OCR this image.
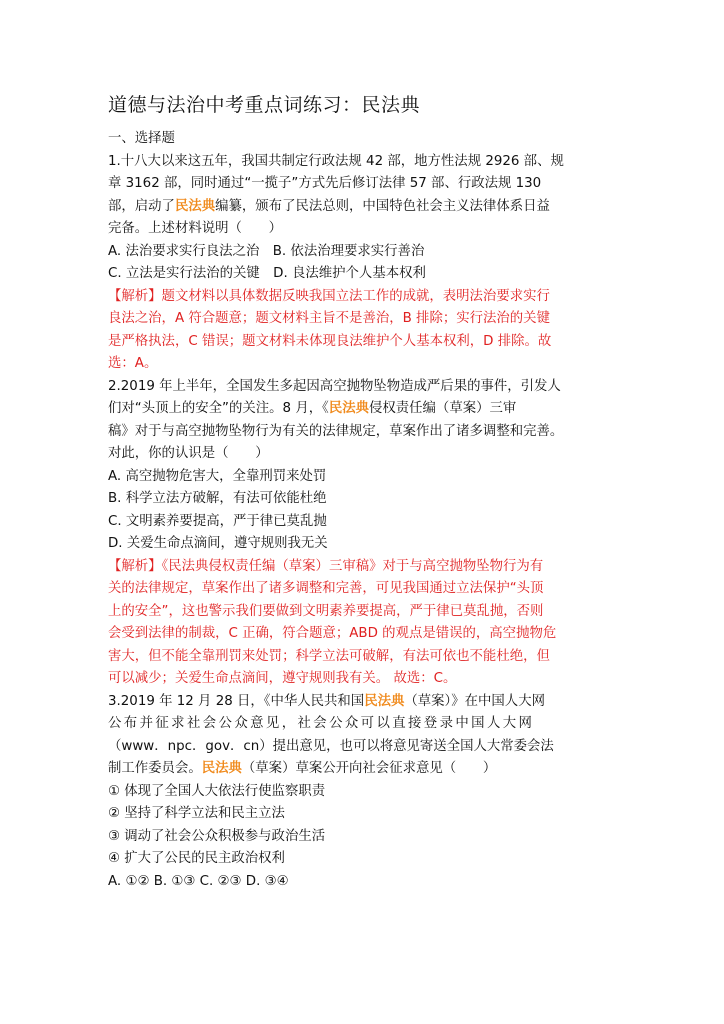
道德与法治中考重点词练习：民法典
一、选择题
1.十八大以来这五年，我国共制定行政法规 42 部，地方性法规 2926 部、规
章 3162 部，同时通过“一揽子”方式先后修订法律 57 部、行政法规 130
部，启动了民法典编纂，颁布了民法总则，中国特色社会主义法律体系日益
完备。上述材料说明（　　）
A. 法治要求实行良法之治　B. 依法治理要求实行善治
C. 立法是实行法治的关键　D. 良法维护个人基本权利
【解析】题文材料以具体数据反映我国立法工作的成就，表明法治要求实行
良法之治，A 符合题意；题文材料主旨不是善治，B 排除；实行法治的关键
是严格执法，C 错误；题文材料未体现良法维护个人基本权利，D 排除。故
选：A。
2.2019 年上半年，全国发生多起因高空抛物坠物造成严后果的事件，引发人
们对“头顶上的安全”的关注。8 月，《民法典侵权责任编（草案）三审
稿》对于与高空抛物坠物行为有关的法律规定，草案作出了诸多调整和完善。
对此，你的认识是（　　）
A. 高空抛物危害大，全靠刑罚来处罚
B. 科学立法方破解，有法可依能杜绝
C. 文明素养要提高，严于律已莫乱抛
D. 关爱生命点滴间，遵守规则我无关
【解析】《民法典侵权责任编（草案）三审稿》对于与高空抛物坠物行为有
关的法律规定，草案作出了诸多调整和完善，可见我国通过立法保护“头顶
上的安全”，这也警示我们要做到文明素养要提高，严于律已莫乱抛，否则
会受到法律的制裁，C 正确，符合题意；ABD 的观点是错误的，高空抛物危
害大，但不能全靠刑罚来处罚；科学立法可破解，有法可依也不能杜绝，但
可以减少；关爱生命点滴间，遵守规则我有关。 故选：C。
3.2019 年 12 月 28 日，《中华人民共和国民法典（草案）》在中国人大网
公布并征求社会公众意见，社会公众可以直接登录中国人大网
（www．npc．gov．cn）提出意见，也可以将意见寄送全国人大常委会法
制工作委员会。民法典（草案）草案公开向社会征求意见（　　）
① 体现了全国人大依法行使监察职责
② 坚持了科学立法和民主立法
③ 调动了社会公众积极参与政治生活
④ 扩大了公民的民主政治权利
A. ①② B. ①③ C. ②③ D. ③④
